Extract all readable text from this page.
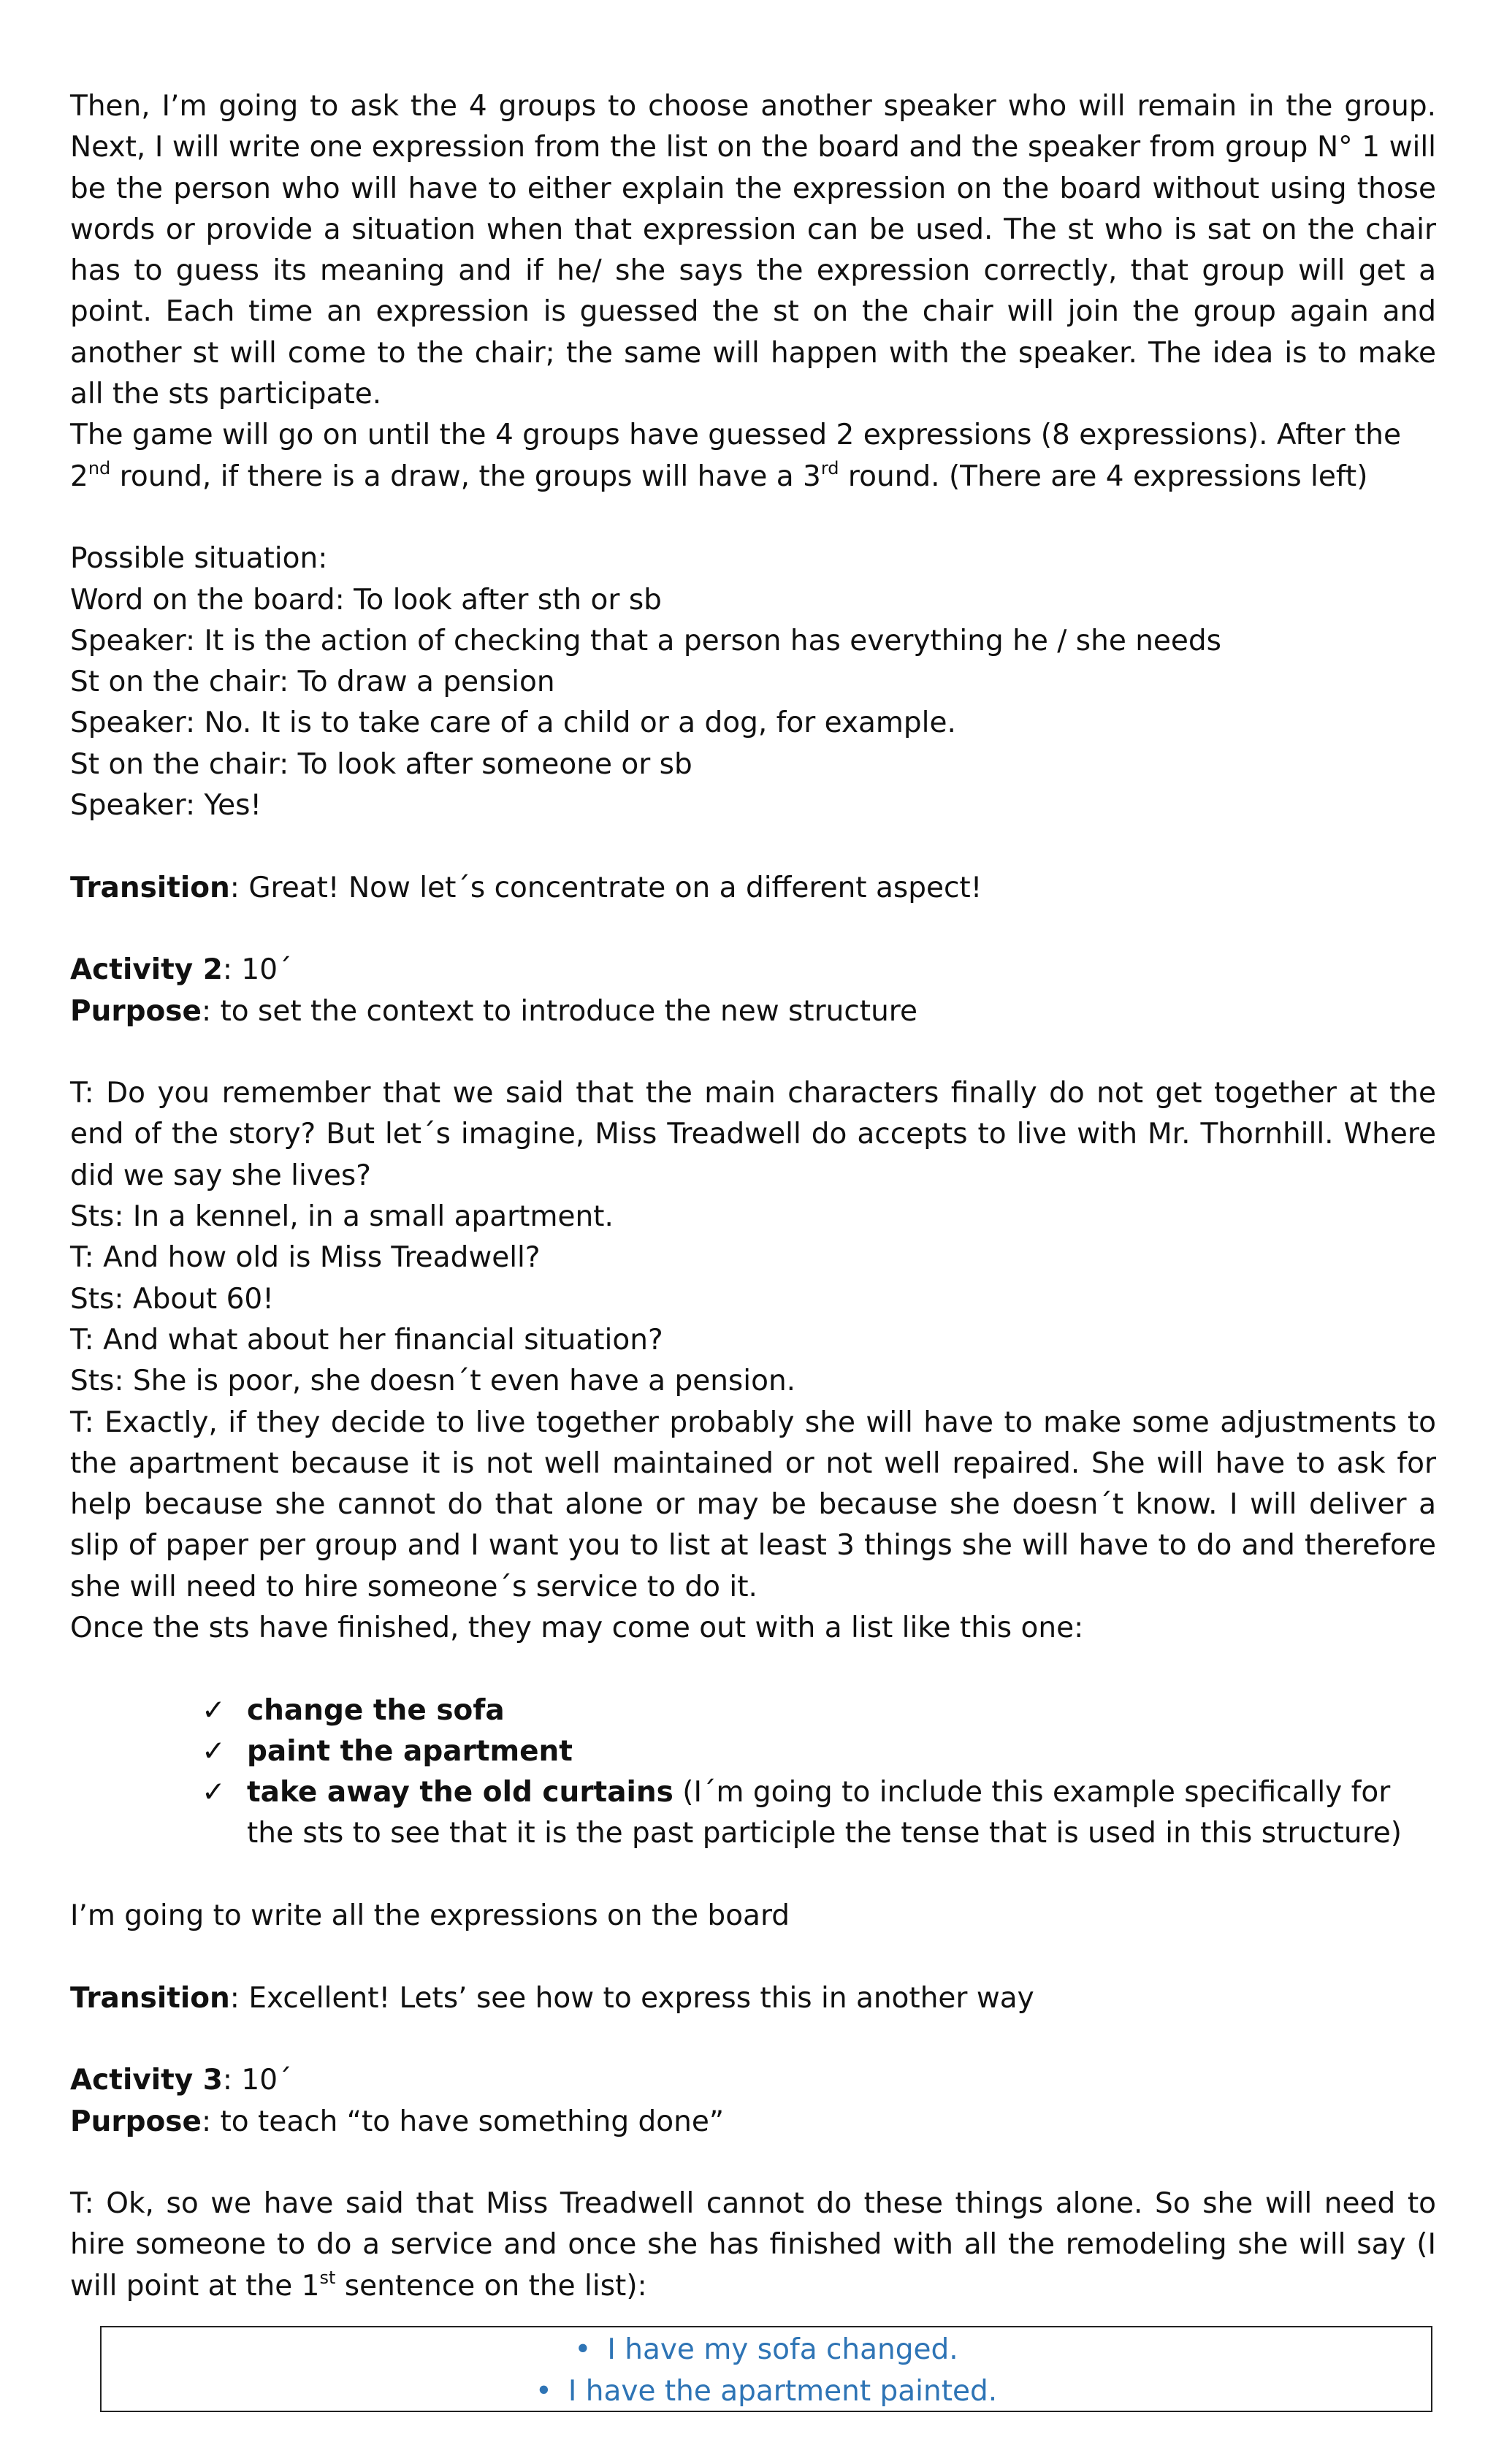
Then, I’m going to ask the 4 groups to choose another speaker who will remain in the group. Next, I will write one expression from the list on the board and the speaker from group N° 1 will be the person who will have to either explain the expression on the board without using those words or provide a situation when that expression can be used. The st who is sat on the chair has to guess its meaning and if he/ she says the expression correctly, that group will get a point. Each time an expression is guessed the st on the chair will join the group again and another st will come to the chair; the same will happen with the speaker. The idea is to make all the sts participate.

The game will go on until the 4 groups have guessed 2 expressions (8 expressions). After the 2nd round, if there is a draw, the groups will have a 3rd round. (There are 4 expressions left)

Possible situation:

Word on the board: To look after sth or sb

Speaker: It is the action of checking that a person has everything he / she needs

St on the chair: To draw a pension

Speaker: No. It is to take care of a child or a dog, for example.

St on the chair: To look after someone or sb

Speaker: Yes!

Transition: Great! Now let´s concentrate on a different aspect!

Activity 2: 10´

Purpose: to set the context to introduce the new structure

T: Do you remember that we said that the main characters finally do not get together at the end of the story? But let´s imagine, Miss Treadwell do accepts to live with Mr. Thornhill. Where did we say she lives?

Sts: In a kennel, in a small apartment.

T: And how old is Miss Treadwell?

Sts: About 60!

T: And what about her financial situation?

Sts: She is poor, she doesn´t even have a pension.

T: Exactly, if they decide to live together probably she will have to make some adjustments to the apartment because it is not well maintained or not well repaired. She will have to ask for help because she cannot do that alone or may be because she doesn´t know. I will deliver a slip of paper per group and I want you to list at least 3 things she will have to do and therefore she will need to hire someone´s service to do it.

Once the sts have finished, they may come out with a list like this one:

✓ change the sofa
✓ paint the apartment
✓ take away the old curtains (I´m going to include this example specifically for the sts to see that it is the past participle the tense that is used in this structure)

I’m going to write all the expressions on the board

Transition: Excellent! Lets’ see how to express this in another way

Activity 3: 10´

Purpose: to teach “to have something done”

T: Ok, so we have said that Miss Treadwell cannot do these things alone. So she will need to hire someone to do a service and once she has finished with all the remodeling she will say (I will point at the 1st sentence on the list):

• I have my sofa changed.
• I have the apartment painted.
